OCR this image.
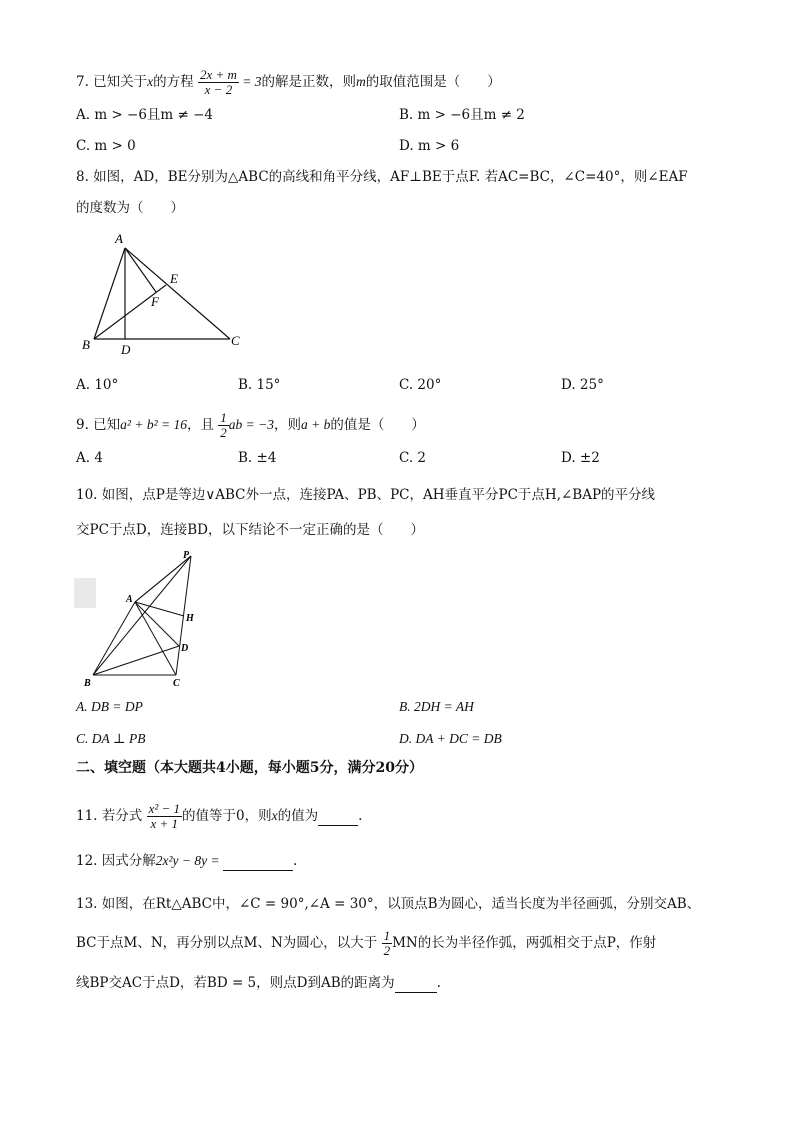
7. 已知关于x的方程 $\frac{2x + m}{x - 2} = 3$的解是正数，则m的取值范围是（　　）
A. m > −6且m ≠ −4	B. m > −6且m ≠ 2
C. m > 0	D. m > 6
8. 如图，AD，BE分别为△ABC的高线和角平分线，AF⊥BE于点F. 若AC=BC，∠C=40°，则∠EAF
的度数为（　　）
A
B	C
D
E
F
A. 10°	B. 15°	C. 20°	D. 25°
9. 已知a² + b² = 16，且 $\frac{1}{2}$ ab = −3，则a + b的值是（　　）
A. 4	B. ±4	C. 2	D. ±2
10. 如图，点P是等边∨ABC外一点，连接PA、PB、PC，AH垂直平分PC于点H,∠BAP的平分线
交PC于点D，连接BD，以下结论不一定正确的是（　　）
P
A
H
D
B	C
A. DB = DP	B. 2DH = AH
C. DA ⊥ PB	D. DA + DC = DB
二、填空题（本大题共4小题，每小题5分，满分20分）
11. 若分式 $\frac{\text{x² − 1}}{x + 1}$ 的值等于0，则x的值为	.
12. 因式分解2x²y − 8y =	.
13. 如图，在Rt△ABC中，∠C = 90°,∠A = 30°，以顶点B为圆心，适当长度为半径画弧，分别交AB、
BC于点M、N，再分别以点M、N为圆心，以大于 $\frac{1}{2}$ MN的长为半径作弧，两弧相交于点P，作射
线BP交AC于点D，若BD = 5，则点D到AB的距离为	.
